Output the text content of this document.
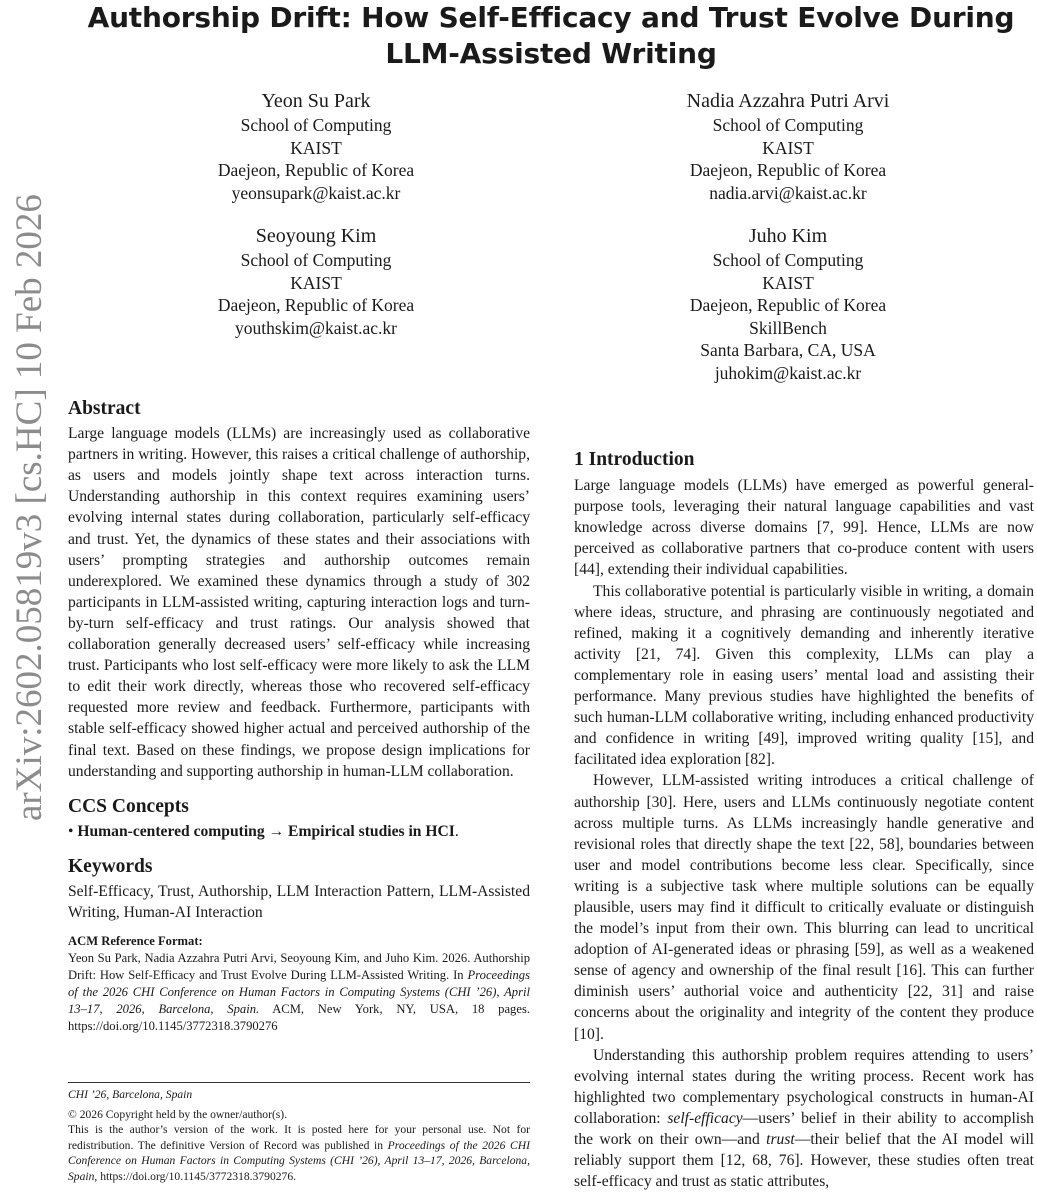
arXiv:2602.05819v3 [cs.HC] 10 Feb 2026
Authorship Drift: How Self-Efficacy and Trust Evolve During LLM-Assisted Writing
Yeon Su Park
School of Computing
KAIST
Daejeon, Republic of Korea
yeonsupark@kaist.ac.kr
Nadia Azzahra Putri Arvi
School of Computing
KAIST
Daejeon, Republic of Korea
nadia.arvi@kaist.ac.kr
Seoyoung Kim
School of Computing
KAIST
Daejeon, Republic of Korea
youthskim@kaist.ac.kr
Juho Kim
School of Computing
KAIST
Daejeon, Republic of Korea
SkillBench
Santa Barbara, CA, USA
juhokim@kaist.ac.kr
Abstract

Large language models (LLMs) are increasingly used as collaborative partners in writing. However, this raises a critical challenge of authorship, as users and models jointly shape text across interaction turns. Understanding authorship in this context requires examining users’ evolving internal states during collaboration, particularly self-efficacy and trust. Yet, the dynamics of these states and their associations with users’ prompting strategies and authorship outcomes remain underexplored. We examined these dynamics through a study of 302 participants in LLM-assisted writing, capturing interaction logs and turn-by-turn self-efficacy and trust ratings. Our analysis showed that collaboration generally decreased users’ self-efficacy while increasing trust. Participants who lost self-efficacy were more likely to ask the LLM to edit their work directly, whereas those who recovered self-efficacy requested more review and feedback. Furthermore, participants with stable self-efficacy showed higher actual and perceived authorship of the final text. Based on these findings, we propose design implications for understanding and supporting authorship in human-LLM collaboration.

CCS Concepts

• Human-centered computing → Empirical studies in HCI.

Keywords

Self-Efficacy, Trust, Authorship, LLM Interaction Pattern, LLM-Assisted Writing, Human-AI Interaction

ACM Reference Format:
Yeon Su Park, Nadia Azzahra Putri Arvi, Seoyoung Kim, and Juho Kim. 2026. Authorship Drift: How Self-Efficacy and Trust Evolve During LLM-Assisted Writing. In Proceedings of the 2026 CHI Conference on Human Factors in Computing Systems (CHI ’26), April 13–17, 2026, Barcelona, Spain. ACM, New York, NY, USA, 18 pages. https://doi.org/10.1145/3772318.3790276
CHI ’26, Barcelona, Spain
© 2026 Copyright held by the owner/author(s).
This is the author’s version of the work. It is posted here for your personal use. Not for redistribution. The definitive Version of Record was published in Proceedings of the 2026 CHI Conference on Human Factors in Computing Systems (CHI ’26), April 13–17, 2026, Barcelona, Spain, https://doi.org/10.1145/3772318.3790276.
1 Introduction

Large language models (LLMs) have emerged as powerful general-purpose tools, leveraging their natural language capabilities and vast knowledge across diverse domains [7, 99]. Hence, LLMs are now perceived as collaborative partners that co-produce content with users [44], extending their individual capabilities.

This collaborative potential is particularly visible in writing, a domain where ideas, structure, and phrasing are continuously negotiated and refined, making it a cognitively demanding and inherently iterative activity [21, 74]. Given this complexity, LLMs can play a complementary role in easing users’ mental load and assisting their performance. Many previous studies have highlighted the benefits of such human-LLM collaborative writing, including enhanced productivity and confidence in writing [49], improved writing quality [15], and facilitated idea exploration [82].

However, LLM-assisted writing introduces a critical challenge of authorship [30]. Here, users and LLMs continuously negotiate content across multiple turns. As LLMs increasingly handle generative and revisional roles that directly shape the text [22, 58], boundaries between user and model contributions become less clear. Specifically, since writing is a subjective task where multiple solutions can be equally plausible, users may find it difficult to critically evaluate or distinguish the model’s input from their own. This blurring can lead to uncritical adoption of AI-generated ideas or phrasing [59], as well as a weakened sense of agency and ownership of the final result [16]. This can further diminish users’ authorial voice and authenticity [22, 31] and raise concerns about the originality and integrity of the content they produce [10].

Understanding this authorship problem requires attending to users’ evolving internal states during the writing process. Recent work has highlighted two complementary psychological constructs in human-AI collaboration: self-efficacy—users’ belief in their ability to accomplish the work on their own—and trust—their belief that the AI model will reliably support them [12, 68, 76]. However, these studies often treat self-efficacy and trust as static attributes,
